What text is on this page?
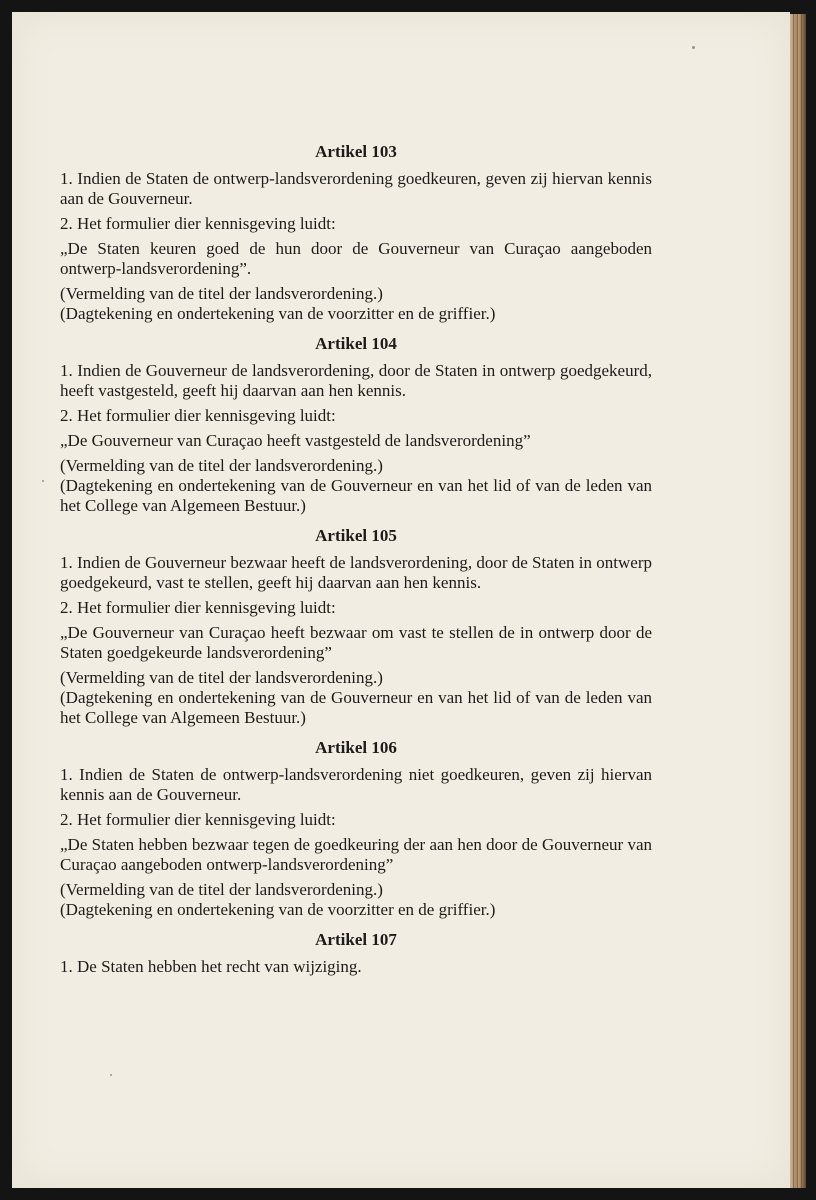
Artikel 103

1. Indien de Staten de ontwerp-landsverordening goedkeuren, geven zij hiervan kennis aan de Gouverneur.

2. Het formulier dier kennisgeving luidt:

„De Staten keuren goed de hun door de Gouverneur van Curaçao aangeboden ontwerp-landsverordening”.

(Vermelding van de titel der landsverordening.)

(Dagtekening en ondertekening van de voorzitter en de griffier.)

Artikel 104

1. Indien de Gouverneur de landsverordening, door de Staten in ontwerp goedgekeurd, heeft vastgesteld, geeft hij daarvan aan hen kennis.

2. Het formulier dier kennisgeving luidt:

„De Gouverneur van Curaçao heeft vastgesteld de landsverordening”

(Vermelding van de titel der landsverordening.)

(Dagtekening en ondertekening van de Gouverneur en van het lid of van de leden van het College van Algemeen Bestuur.)

Artikel 105

1. Indien de Gouverneur bezwaar heeft de landsverordening, door de Staten in ontwerp goedgekeurd, vast te stellen, geeft hij daarvan aan hen kennis.

2. Het formulier dier kennisgeving luidt:

„De Gouverneur van Curaçao heeft bezwaar om vast te stellen de in ontwerp door de Staten goedgekeurde landsverordening”

(Vermelding van de titel der landsverordening.)

(Dagtekening en ondertekening van de Gouverneur en van het lid of van de leden van het College van Algemeen Bestuur.)

Artikel 106

1. Indien de Staten de ontwerp-landsverordening niet goedkeuren, geven zij hiervan kennis aan de Gouverneur.

2. Het formulier dier kennisgeving luidt:

„De Staten hebben bezwaar tegen de goedkeuring der aan hen door de Gouverneur van Curaçao aangeboden ontwerp-landsverordening”

(Vermelding van de titel der landsverordening.)

(Dagtekening en ondertekening van de voorzitter en de griffier.)

Artikel 107

1. De Staten hebben het recht van wijziging.
